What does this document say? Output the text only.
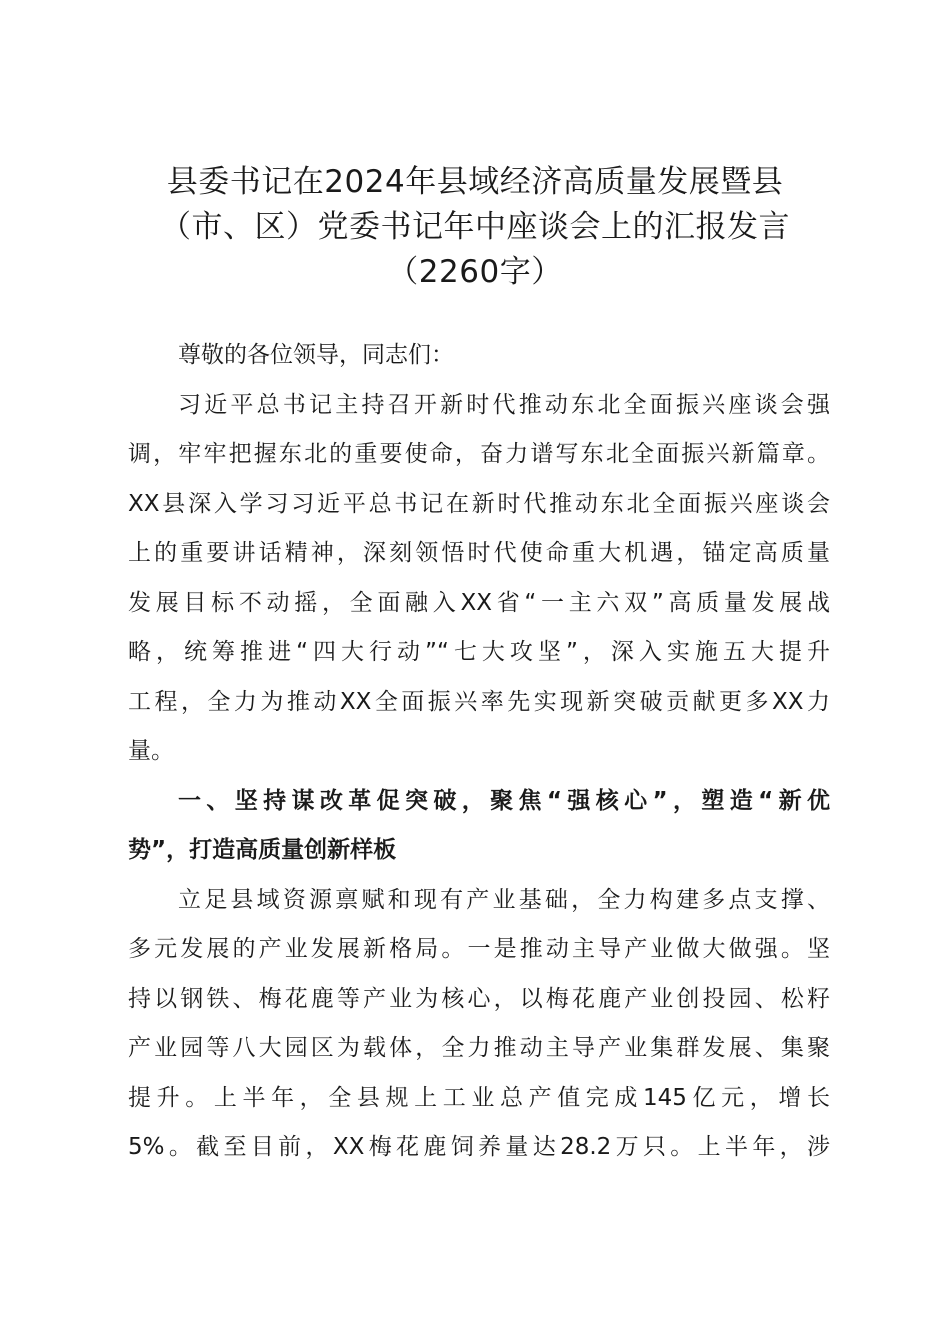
县委书记在2024年县域经济高质量发展暨县
（市、区）党委书记年中座谈会上的汇报发言
（2260字）
尊敬的各位领导，同志们：
习近平总书记主持召开新时代推动东北全面振兴座谈会强
调，牢牢把握东北的重要使命，奋力谱写东北全面振兴新篇章。
XX县深入学习习近平总书记在新时代推动东北全面振兴座谈会
上的重要讲话精神，深刻领悟时代使命重大机遇，锚定高质量
发展目标不动摇，全面融入XX省“一主六双”高质量发展战
略，统筹推进“四大行动”“七大攻坚”，深入实施五大提升
工程，全力为推动XX全面振兴率先实现新突破贡献更多XX力
量。
一、坚持谋改革促突破，聚焦“强核心”，塑造“新优
势”，打造高质量创新样板
立足县域资源禀赋和现有产业基础，全力构建多点支撑、
多元发展的产业发展新格局。一是推动主导产业做大做强。坚
持以钢铁、梅花鹿等产业为核心，以梅花鹿产业创投园、松籽
产业园等八大园区为载体，全力推动主导产业集群发展、集聚
提升。上半年，全县规上工业总产值完成145亿元，增长
5%。截至目前，XX梅花鹿饲养量达28.2万只。上半年，涉
